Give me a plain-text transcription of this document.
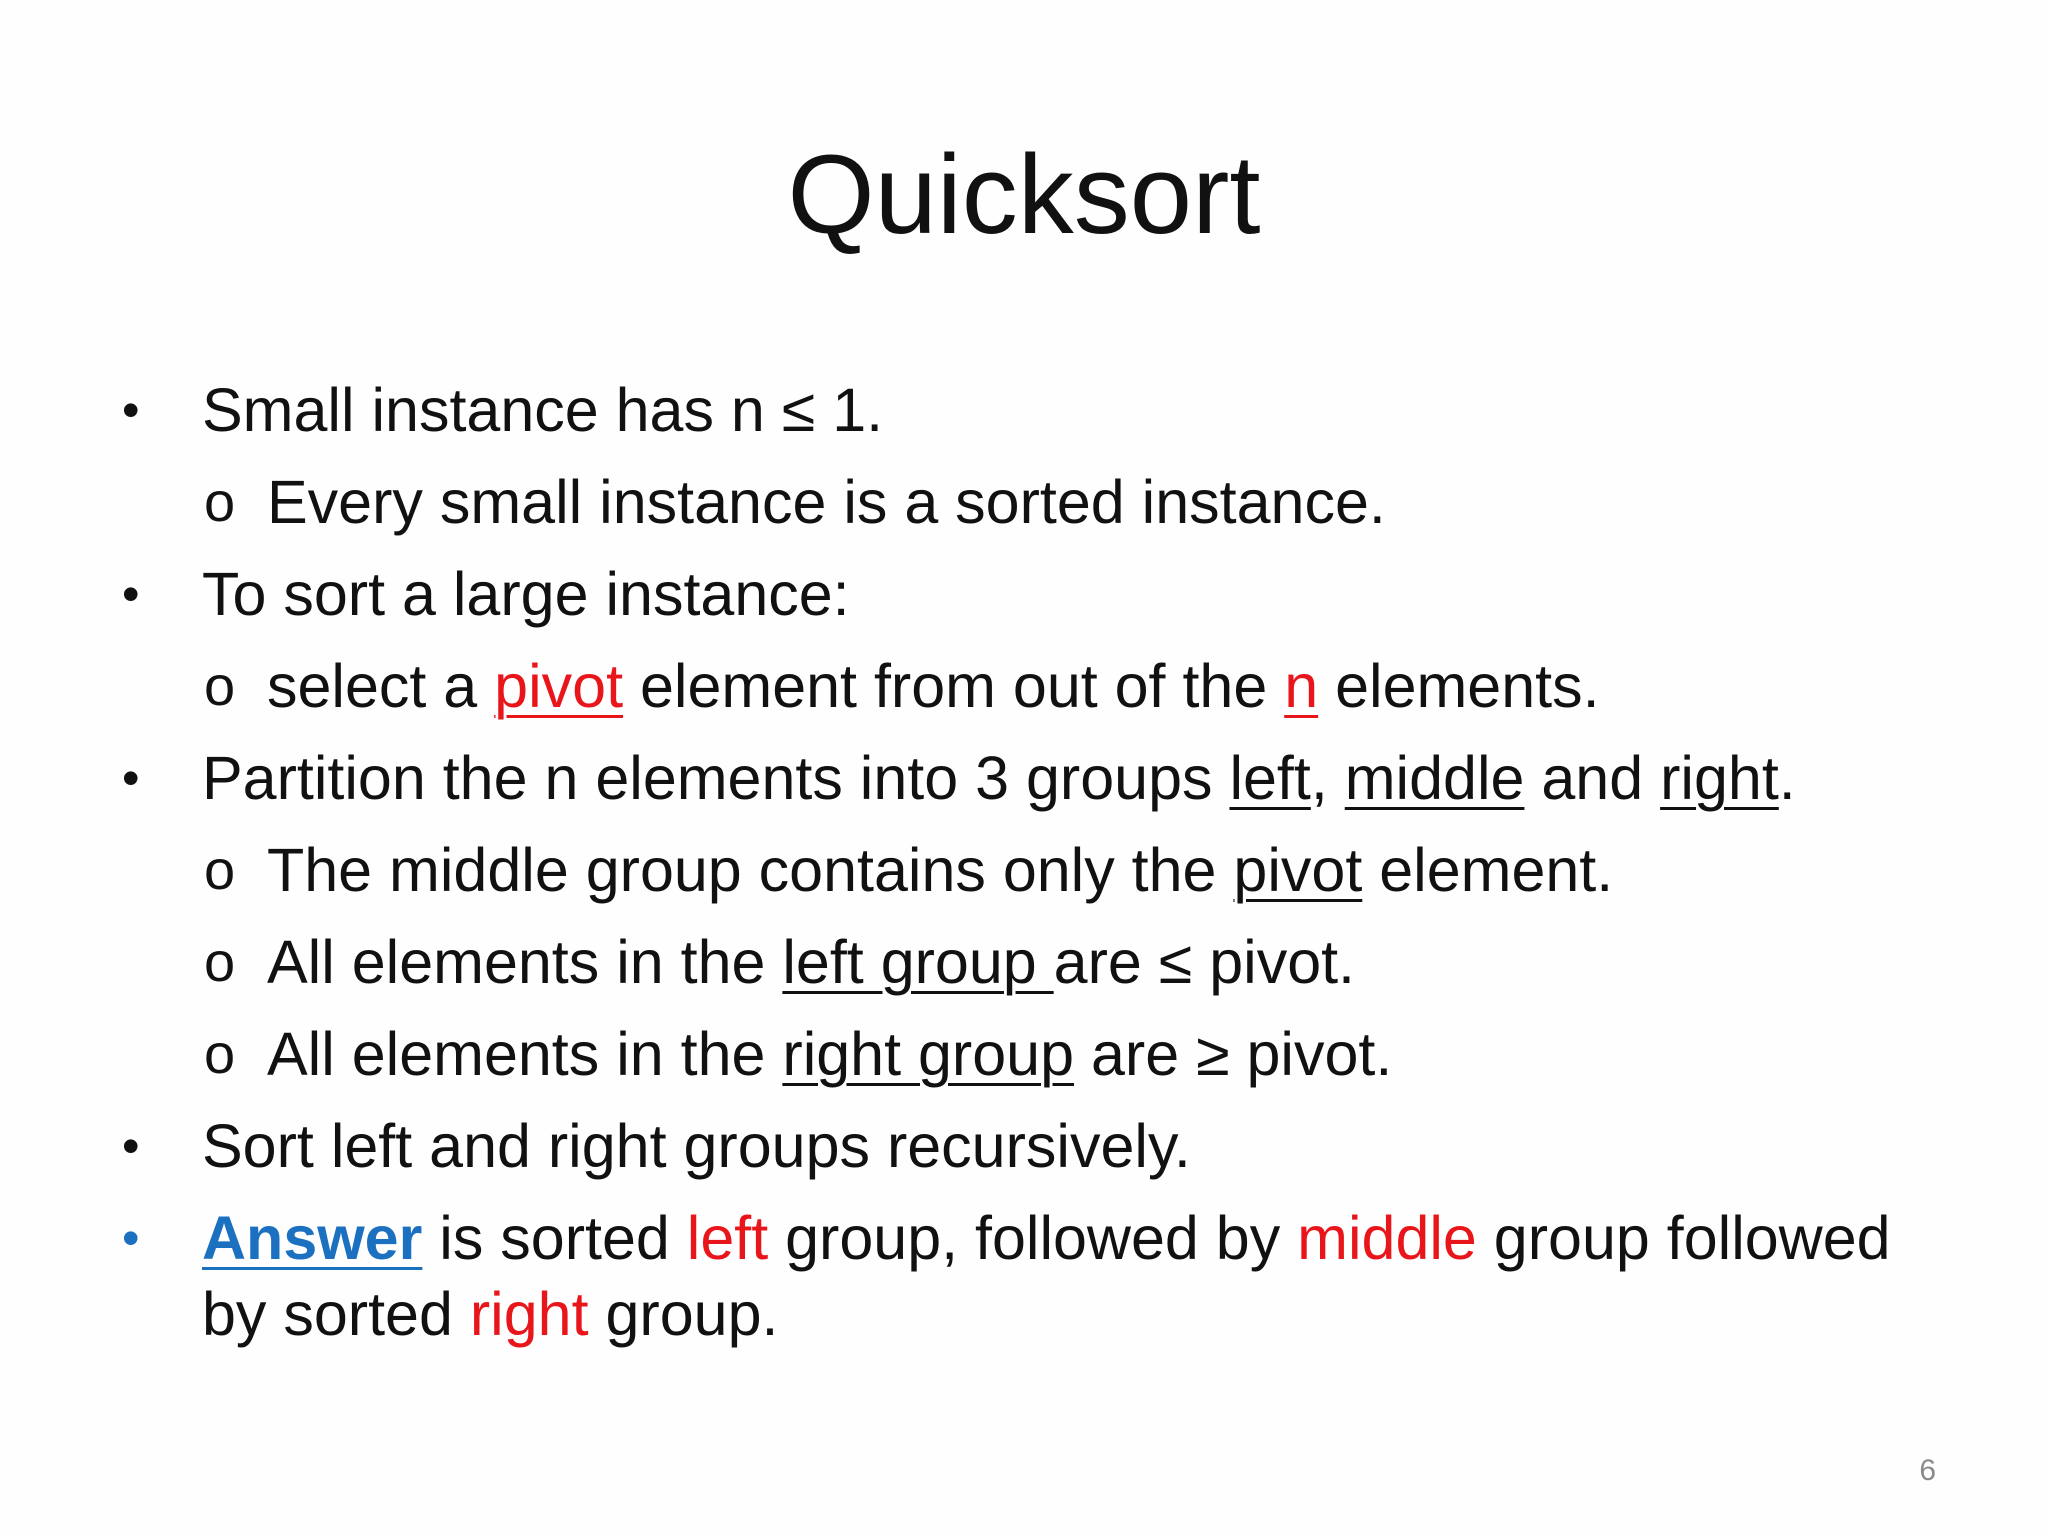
Quicksort
• Small instance has n ≤ 1.
o Every small instance is a sorted instance.
• To sort a large instance:
o select a pivot element from out of the n elements.
• Partition the n elements into 3 groups left, middle and right.
o The middle group contains only the pivot element.
o All elements in the left group are ≤ pivot.
o All elements in the right group are ≥ pivot.
• Sort left and right groups recursively.
• Answer is sorted left group, followed by middle group followed
by sorted right group.
6
